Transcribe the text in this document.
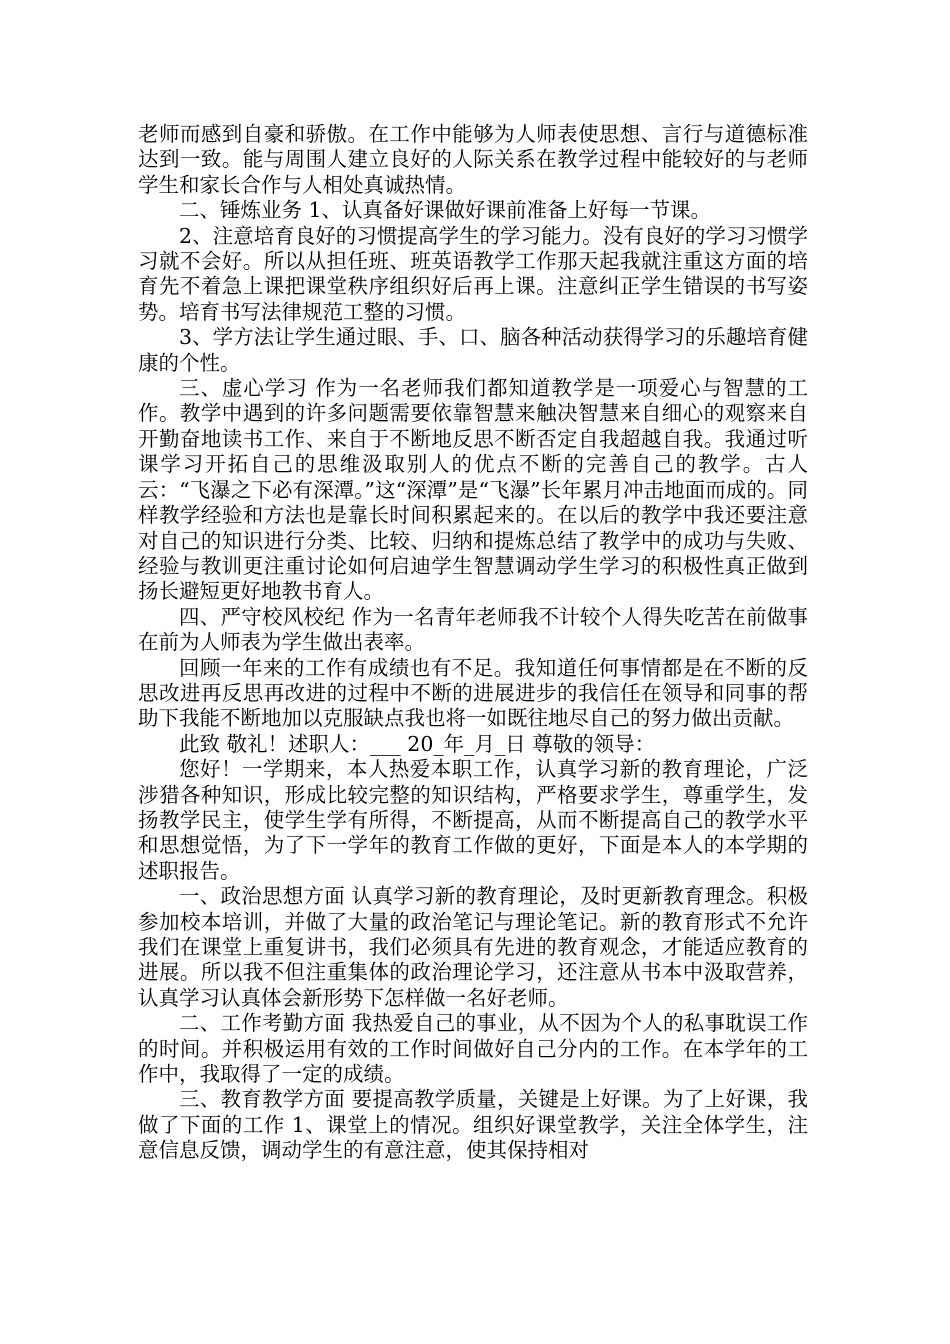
老师而感到自豪和骄傲。在工作中能够为人师表使思想、言行与道德标准达到一致。能与周围人建立良好的人际关系在教学过程中能较好的与老师学生和家长合作与人相处真诚热情。

二、锤炼业务 1、认真备好课做好课前准备上好每一节课。

2、注意培育良好的习惯提高学生的学习能力。没有良好的学习习惯学习就不会好。所以从担任班、班英语教学工作那天起我就注重这方面的培育先不着急上课把课堂秩序组织好后再上课。注意纠正学生错误的书写姿势。培育书写法律规范工整的习惯。

3、学方法让学生通过眼、手、口、脑各种活动获得学习的乐趣培育健康的个性。

三、虚心学习 作为一名老师我们都知道教学是一项爱心与智慧的工作。教学中遇到的许多问题需要依靠智慧来触决智慧来自细心的观察来自开勤奋地读书工作、来自于不断地反思不断否定自我超越自我。我通过听课学习开拓自己的思维汲取别人的优点不断的完善自己的教学。古人云：“飞瀑之下必有深潭。”这“深潭”是“飞瀑”长年累月冲击地面而成的。同样教学经验和方法也是靠长时间积累起来的。在以后的教学中我还要注意对自己的知识进行分类、比较、归纳和提炼总结了教学中的成功与失败、经验与教训更注重讨论如何启迪学生智慧调动学生学习的积极性真正做到扬长避短更好地教书育人。

四、严守校风校纪 作为一名青年老师我不计较个人得失吃苦在前做事在前为人师表为学生做出表率。

回顾一年来的工作有成绩也有不足。我知道任何事情都是在不断的反思改进再反思再改进的过程中不断的进展进步的我信任在领导和同事的帮助下我能不断地加以克服缺点我也将一如既往地尽自己的努力做出贡献。

此致 敬礼！述职人：___ 20_年_月_日 尊敬的领导：

您好！一学期来，本人热爱本职工作，认真学习新的教育理论，广泛涉猎各种知识，形成比较完整的知识结构，严格要求学生，尊重学生，发扬教学民主，使学生学有所得，不断提高，从而不断提高自己的教学水平和思想觉悟，为了下一学年的教育工作做的更好，下面是本人的本学期的述职报告。

一、政治思想方面 认真学习新的教育理论，及时更新教育理念。积极参加校本培训，并做了大量的政治笔记与理论笔记。新的教育形式不允许我们在课堂上重复讲书，我们必须具有先进的教育观念，才能适应教育的进展。所以我不但注重集体的政治理论学习，还注意从书本中汲取营养，认真学习认真体会新形势下怎样做一名好老师。

二、工作考勤方面 我热爱自己的事业，从不因为个人的私事耽误工作的时间。并积极运用有效的工作时间做好自己分内的工作。在本学年的工作中，我取得了一定的成绩。

三、教育教学方面 要提高教学质量，关键是上好课。为了上好课，我做了下面的工作 1、课堂上的情况。组织好课堂教学，关注全体学生，注意信息反馈，调动学生的有意注意，使其保持相对
